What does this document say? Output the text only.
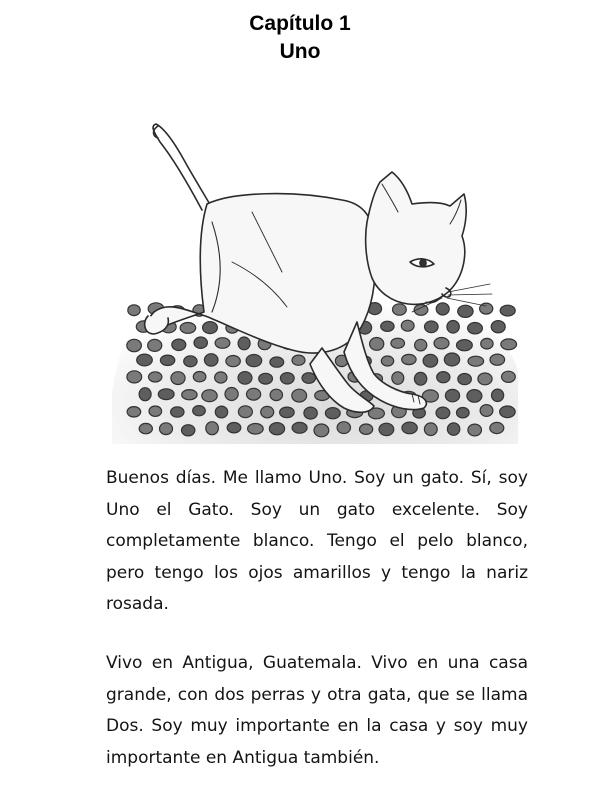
Capítulo 1
Uno

Buenos días. Me llamo Uno. Soy un gato. Sí, soy Uno el Gato. Soy un gato excelente. Soy completamente blanco. Tengo el pelo blanco, pero tengo los ojos amarillos y tengo la nariz rosada.

Vivo en Antigua, Guatemala. Vivo en una casa grande, con dos perras y otra gata, que se llama Dos. Soy muy importante en la casa y soy muy importante en Antigua también.
